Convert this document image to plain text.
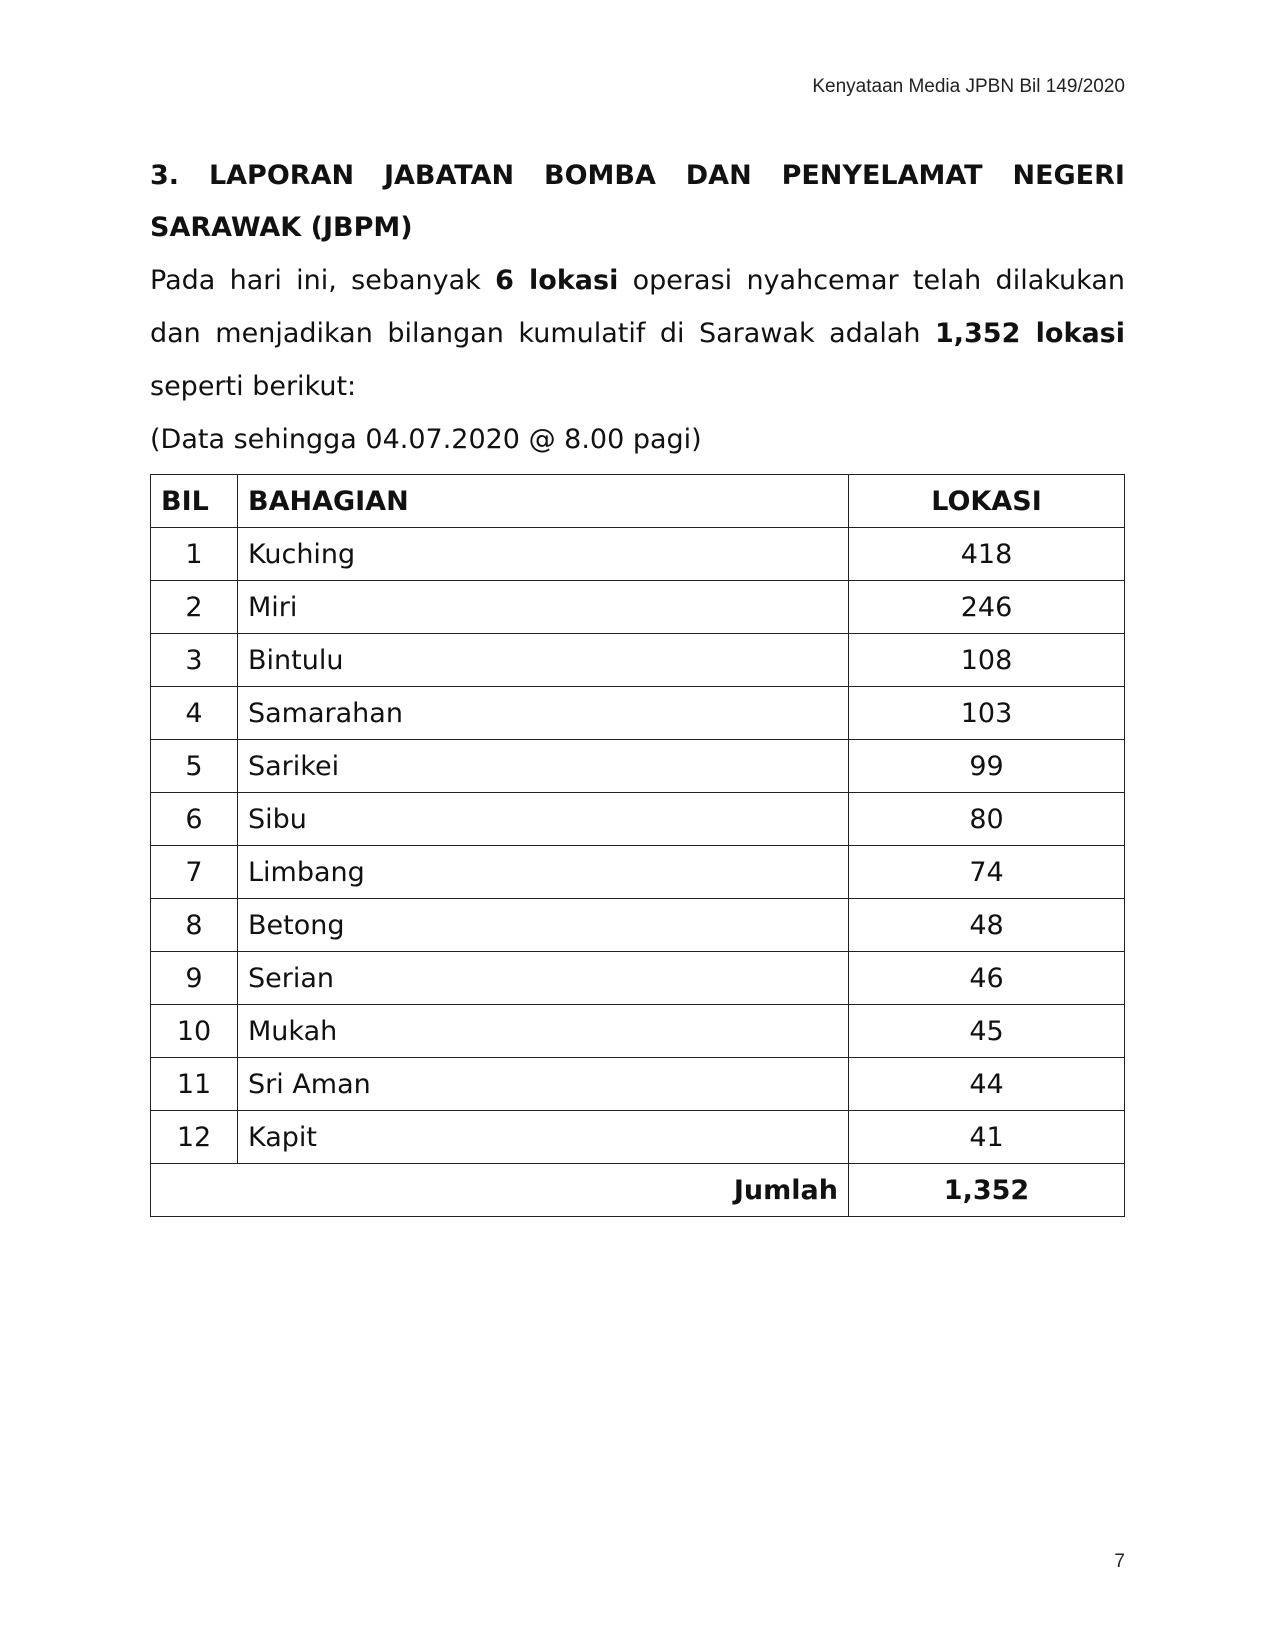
Kenyataan Media JPBN Bil 149/2020
3. LAPORAN JABATAN BOMBA DAN PENYELAMAT NEGERI
SARAWAK (JBPM)

Pada hari ini, sebanyak 6 lokasi operasi nyahcemar telah dilakukan dan menjadikan bilangan kumulatif di Sarawak adalah 1,352 lokasi seperti berikut:

(Data sehingga 04.07.2020 @ 8.00 pagi)

BIL	BAHAGIAN	LOKASI
1	Kuching	418
2	Miri	246
3	Bintulu	108
4	Samarahan	103
5	Sarikei	99
6	Sibu	80
7	Limbang	74
8	Betong	48
9	Serian	46
10	Mukah	45
11	Sri Aman	44
12	Kapit	41
Jumlah		1,352
7
